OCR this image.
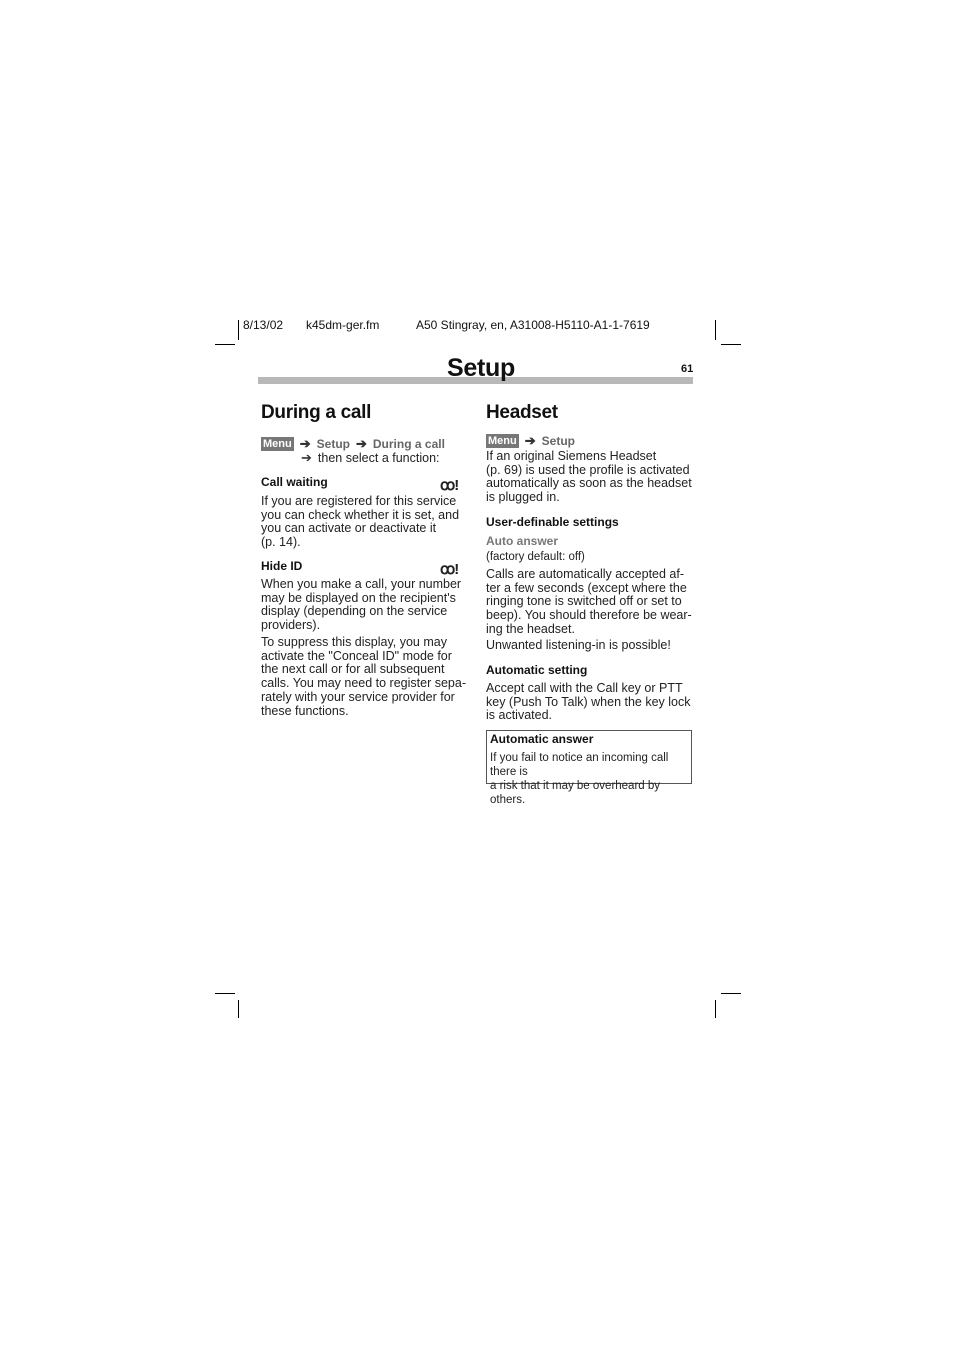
8/13/02 k45dm-ger.fm	A50 Stingray, en, A31008-H5110-A1-1-7619
Setup	61
During a call
Menu ➔ Setup ➔ During a call
➔ then select a function:
Call waiting	ꝏ!

If you are registered for this service
you can check whether it is set, and
you can activate or deactivate it
(p. 14).

Hide ID	ꝏ!

When you make a call, your number
may be displayed on the recipient's
display (depending on the service
providers).

To suppress this display, you may
activate the "Conceal ID" mode for
the next call or for all subsequent
calls. You may need to register sepa-
rately with your service provider for
these functions.

Headset
Menu ➔ Setup

If an original Siemens Headset
(p. 69) is used the profile is activated
automatically as soon as the headset
is plugged in.

User-definable settings
Auto answer
(factory default: off)

Calls are automatically accepted af-
ter a few seconds (except where the
ringing tone is switched off or set to
beep). You should therefore be wear-
ing the headset.

Unwanted listening-in is possible!

Automatic setting

Accept call with the Call key or PTT
key (Push To Talk) when the key lock
is activated.

Automatic answer
If you fail to notice an incoming call there is
a risk that it may be overheard by others.
